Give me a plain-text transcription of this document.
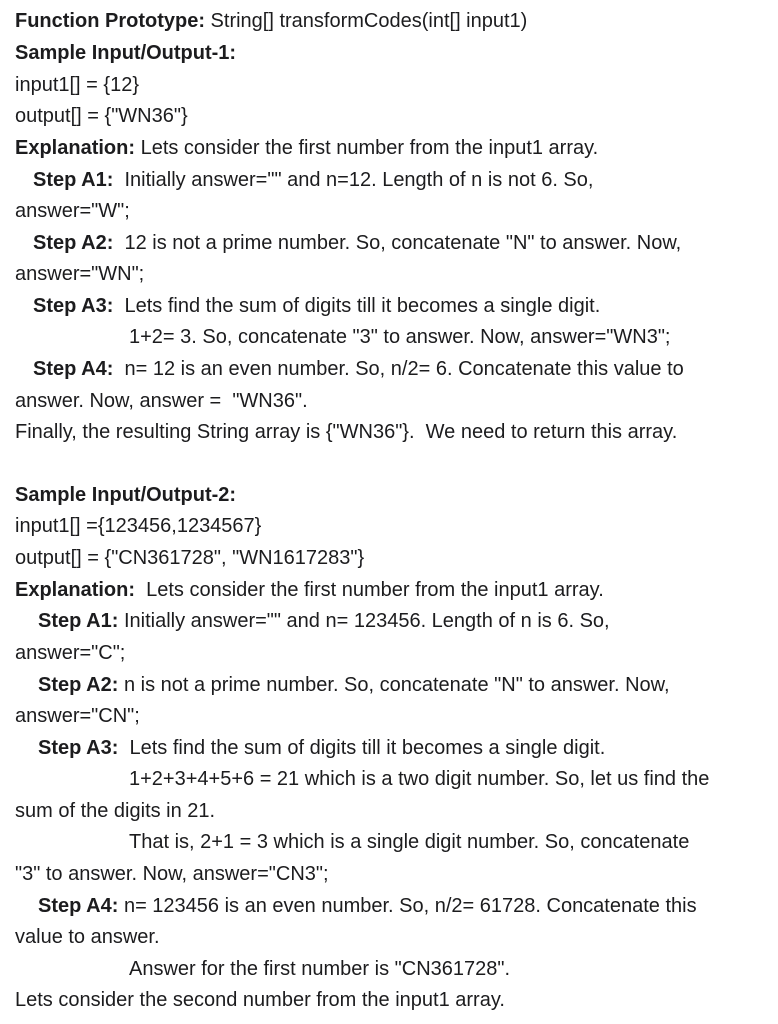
Function Prototype: String[] transformCodes(int[] input1)
Sample Input/Output-1:
input1[] = {12}
output[] = {"WN36"}
Explanation: Lets consider the first number from the input1 array.
Step A1:  Initially answer="" and n=12. Length of n is not 6. So,
answer="W";
Step A2:  12 is not a prime number. So, concatenate "N" to answer. Now,
answer="WN";
Step A3:  Lets find the sum of digits till it becomes a single digit.
1+2= 3. So, concatenate "3" to answer. Now, answer="WN3";
Step A4:  n= 12 is an even number. So, n/2= 6. Concatenate this value to
answer. Now, answer =  "WN36".
Finally, the resulting String array is {"WN36"}.  We need to return this array.
Sample Input/Output-2:
input1[] ={123456,1234567}
output[] = {"CN361728", "WN1617283"}
Explanation:  Lets consider the first number from the input1 array.
Step A1: Initially answer="" and n= 123456. Length of n is 6. So,
answer="C";
Step A2: n is not a prime number. So, concatenate "N" to answer. Now,
answer="CN";
Step A3:  Lets find the sum of digits till it becomes a single digit.
1+2+3+4+5+6 = 21 which is a two digit number. So, let us find the
sum of the digits in 21.
That is, 2+1 = 3 which is a single digit number. So, concatenate
"3" to answer. Now, answer="CN3";
Step A4: n= 123456 is an even number. So, n/2= 61728. Concatenate this
value to answer.
Answer for the first number is "CN361728".
Lets consider the second number from the input1 array.
